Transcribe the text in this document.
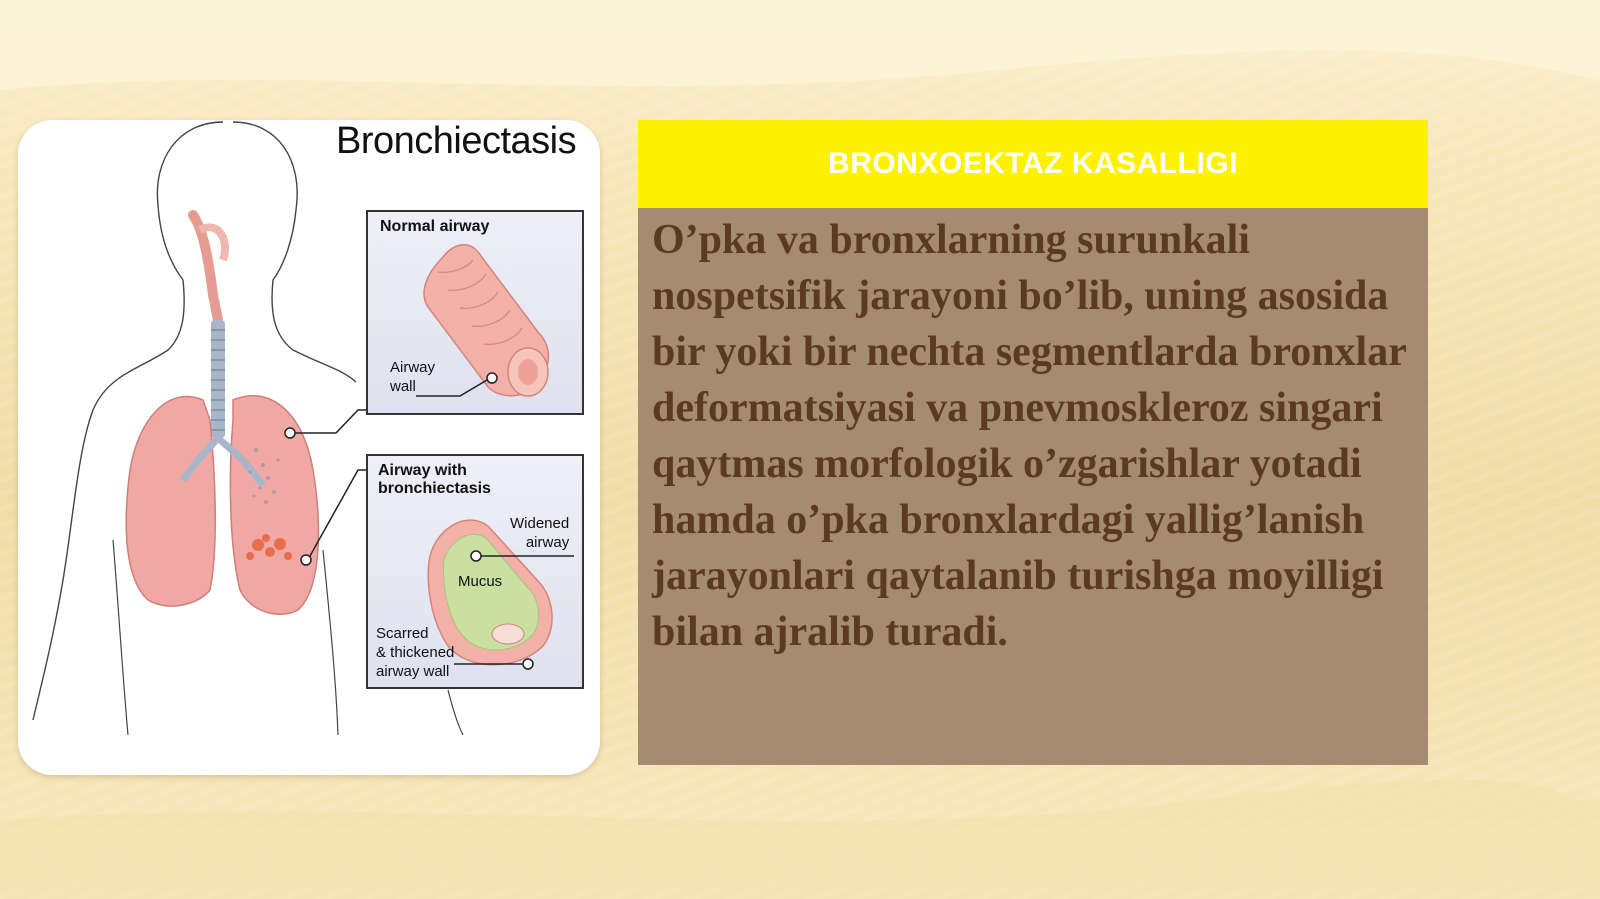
Bronchiectasis
Normal airway
Airway
wall
Airway with
bronchiectasis
Widened
airway
Mucus
Scarred
& thickened
airway wall
BRONXOEKTAZ KASALLIGI

O’pka va bronxlarning surunkali nospetsifik jarayoni bo’lib, uning asosida bir yoki bir nechta segmentlarda bronxlar deformatsiyasi va pnevmoskleroz singari qaytmas morfologik o’zgarishlar yotadi hamda o’pka bronxlardagi yallig’lanish jarayonlari qaytalanib turishga moyilligi bilan ajralib turadi.
